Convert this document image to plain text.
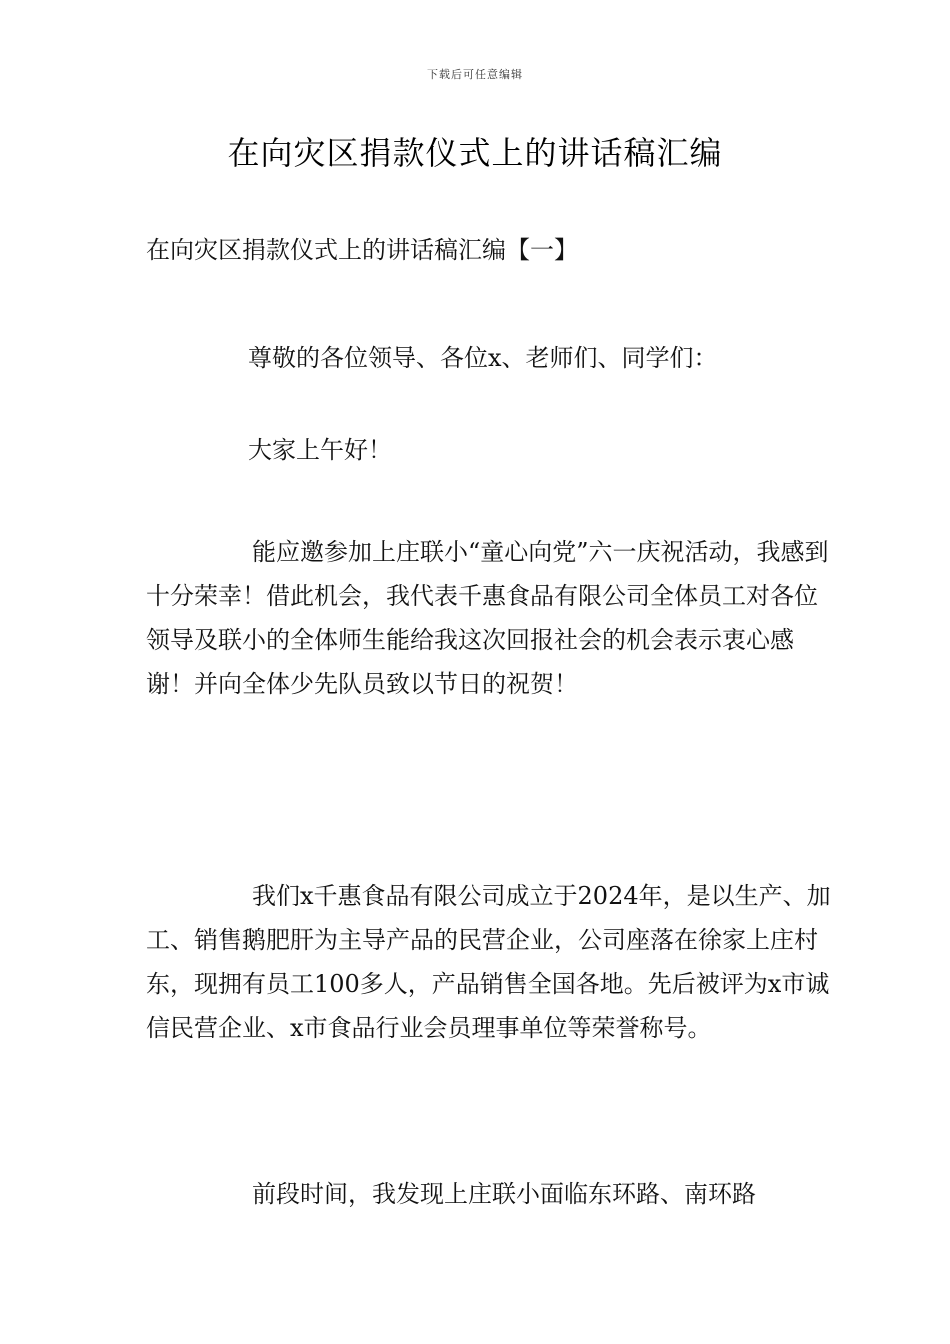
下载后可任意编辑
在向灾区捐款仪式上的讲话稿汇编

在向灾区捐款仪式上的讲话稿汇编【一】

尊敬的各位领导、各位x、老师们、同学们：

大家上午好！

能应邀参加上庄联小“童心向党”六一庆祝活动，我感到十分荣幸！借此机会，我代表千惠食品有限公司全体员工对各位领导及联小的全体师生能给我这次回报社会的机会表示衷心感谢！并向全体少先队员致以节日的祝贺！

我们x千惠食品有限公司成立于2024年，是以生产、加工、销售鹅肥肝为主导产品的民营企业，公司座落在徐家上庄村东，现拥有员工100多人，产品销售全国各地。先后被评为x市诚信民营企业、x市食品行业会员理事单位等荣誉称号。

前段时间，我发现上庄联小面临东环路、南环路
